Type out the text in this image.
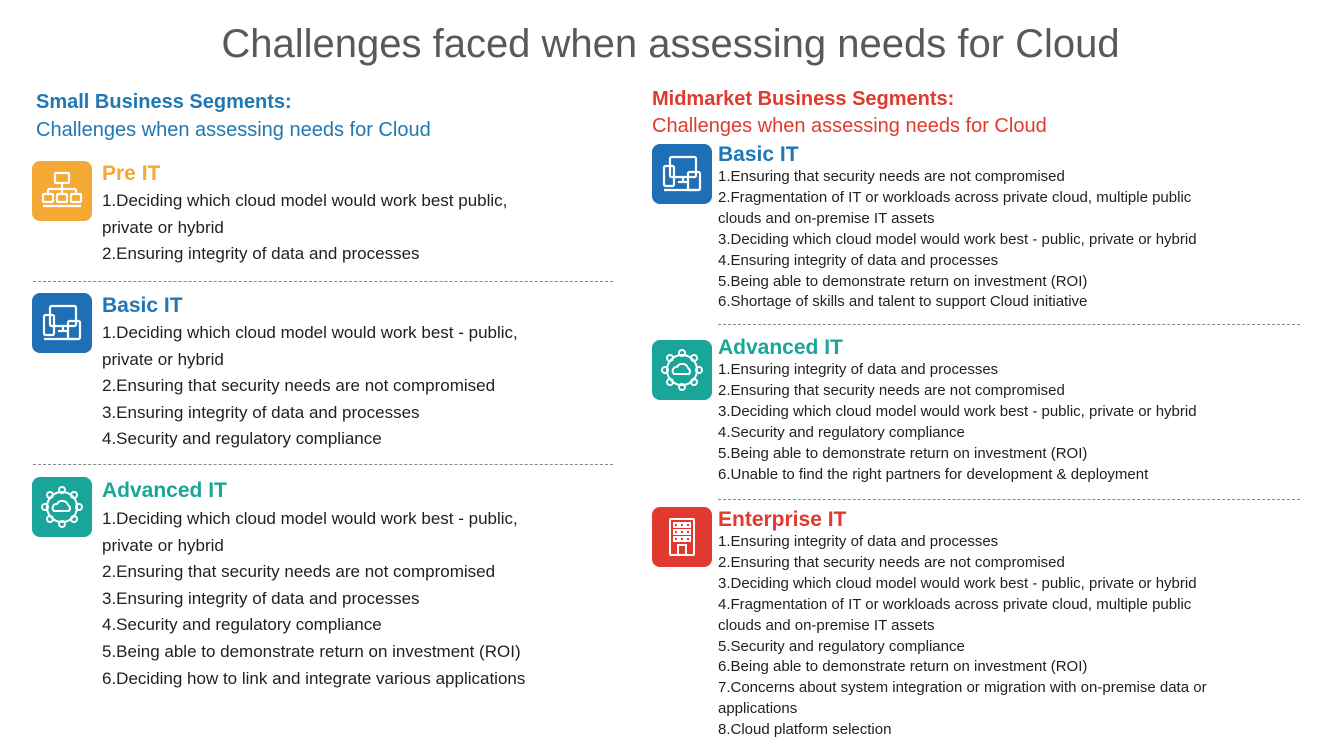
Challenges faced when assessing needs for Cloud
Small Business Segments:
Challenges when assessing needs for Cloud
Pre IT
1.Deciding which cloud model would work best public,
private or hybrid
2.Ensuring integrity of data and processes
Basic IT
1.Deciding which cloud model would work best - public,
private or hybrid
2.Ensuring that security needs are not compromised
3.Ensuring integrity of data and processes
4.Security and regulatory compliance
Advanced IT
1.Deciding which cloud model would work best - public,
private or hybrid
2.Ensuring that security needs are not compromised
3.Ensuring integrity of data and processes
4.Security and regulatory compliance
5.Being able to demonstrate return on investment (ROI)
6.Deciding how to link and integrate various applications
Midmarket Business Segments:
Challenges when assessing needs for Cloud
Basic IT
1.Ensuring that security needs are not compromised
2.Fragmentation of IT or workloads across private cloud, multiple public
clouds and on-premise IT assets
3.Deciding which cloud model would work best - public, private or hybrid
4.Ensuring integrity of data and processes
5.Being able to demonstrate return on investment (ROI)
6.Shortage of skills and talent to support Cloud initiative
Advanced IT
1.Ensuring integrity of data and processes
2.Ensuring that security needs are not compromised
3.Deciding which cloud model would work best - public, private or hybrid
4.Security and regulatory compliance
5.Being able to demonstrate return on investment (ROI)
6.Unable to find the right partners for development & deployment
Enterprise IT
1.Ensuring integrity of data and processes
2.Ensuring that security needs are not compromised
3.Deciding which cloud model would work best - public, private or hybrid
4.Fragmentation of IT or workloads across private cloud, multiple public
clouds and on-premise IT assets
5.Security and regulatory compliance
6.Being able to demonstrate return on investment (ROI)
7.Concerns about system integration or migration with on-premise data or
applications
8.Cloud platform selection
